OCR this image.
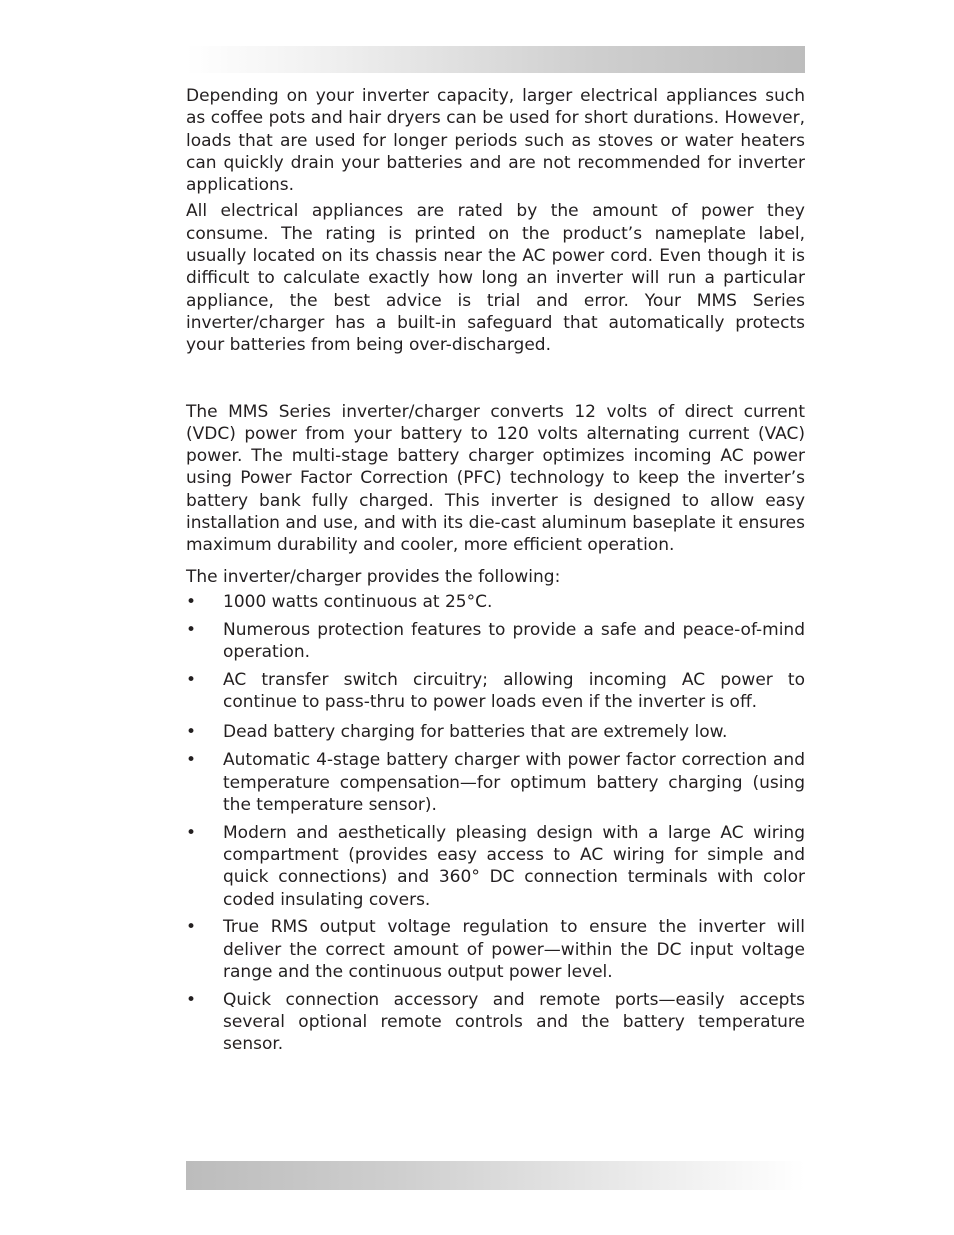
Depending on your inverter capacity, larger electrical appliances such as coffee pots and hair dryers can be used for short durations. However, loads that are used for longer periods such as stoves or water heaters can quickly drain your batteries and are not recommended for inverter applications.

All electrical appliances are rated by the amount of power they consume. The rating is printed on the product’s nameplate label, usually located on its chassis near the AC power cord. Even though it is difficult to calculate exactly how long an inverter will run a particular appliance, the best advice is trial and error. Your MMS Series inverter/charger has a built-in safeguard that automatically protects your batteries from being over-discharged.

The MMS Series inverter/charger converts 12 volts of direct current (VDC) power from your battery to 120 volts alternating current (VAC) power. The multi-stage battery charger optimizes incoming AC power using Power Factor Correction (PFC) technology to keep the inverter’s battery bank fully charged. This inverter is designed to allow easy installation and use, and with its die-cast aluminum baseplate it ensures maximum durability and cooler, more efficient operation.

The inverter/charger provides the following:

• 1000 watts continuous at 25°C.
• Numerous protection features to provide a safe and peace-of-mind operation.
• AC transfer switch circuitry; allowing incoming AC power to continue to pass-thru to power loads even if the inverter is off.
• Dead battery charging for batteries that are extremely low.
• Automatic 4-stage battery charger with power factor correction and temperature compensation—for optimum battery charging (using the temperature sensor).
• Modern and aesthetically pleasing design with a large AC wiring compartment (provides easy access to AC wiring for simple and quick connections) and 360° DC connection terminals with color coded insulating covers.
• True RMS output voltage regulation to ensure the inverter will deliver the correct amount of power—within the DC input voltage range and the continuous output power level.
• Quick connection accessory and remote ports—easily accepts several optional remote controls and the battery temperature sensor.
